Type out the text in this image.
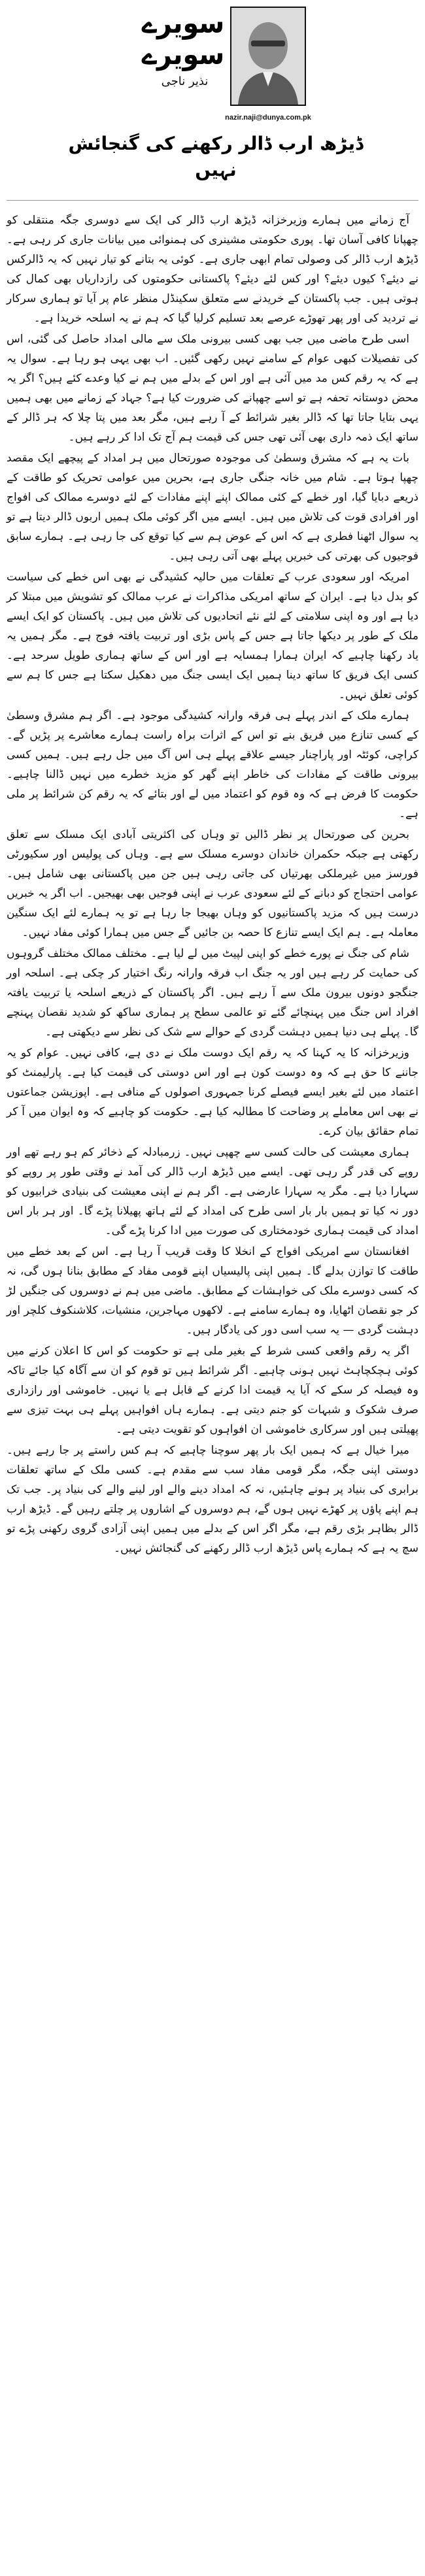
سویرے
سویرے
نذیر ناجی
nazir.naji@dunya.com.pk
ڈیڑھ ارب ڈالر رکھنے کی گنجائش نہیں

آج زمانے میں ہمارے وزیرخزانہ ڈیڑھ ارب ڈالر کی ایک سے دوسری جگہ منتقلی کو چھپانا کافی آسان تھا۔ پوری حکومتی مشینری کی ہمنوائی میں بیانات جاری کر رہی ہے۔ ڈیڑھ ارب ڈالر کی وصولی تمام ابھی جاری ہے۔ کوئی یہ بتانے کو تیار نہیں کہ یہ ڈالرکس نے دیئے؟ کیوں دیئے؟ اور کس لئے دیئے؟ پاکستانی حکومتوں کی رازداریاں بھی کمال کی ہوتی ہیں۔ جب پاکستان کے خریدنے سے متعلق سکینڈل منظر عام پر آیا تو ہماری سرکار نے تردید کی اور پھر تھوڑے عرصے بعد تسلیم کرلیا گیا کہ ہم نے یہ اسلحہ خریدا ہے۔

اسی طرح ماضی میں جب بھی کسی بیرونی ملک سے مالی امداد حاصل کی گئی، اس کی تفصیلات کبھی عوام کے سامنے نہیں رکھی گئیں۔ اب بھی یہی ہو رہا ہے۔ سوال یہ ہے کہ یہ رقم کس مد میں آئی ہے اور اس کے بدلے میں ہم نے کیا وعدے کئے ہیں؟ اگر یہ محض دوستانہ تحفہ ہے تو اسے چھپانے کی ضرورت کیا ہے؟ جہاد کے زمانے میں بھی ہمیں یہی بتایا جاتا تھا کہ ڈالر بغیر شرائط کے آ رہے ہیں، مگر بعد میں پتا چلا کہ ہر ڈالر کے ساتھ ایک ذمہ داری بھی آئی تھی جس کی قیمت ہم آج تک ادا کر رہے ہیں۔

بات یہ ہے کہ مشرق وسطیٰ کی موجودہ صورتحال میں ہر امداد کے پیچھے ایک مقصد چھپا ہوتا ہے۔ شام میں خانہ جنگی جاری ہے، بحرین میں عوامی تحریک کو طاقت کے ذریعے دبایا گیا، اور خطے کے کئی ممالک اپنے اپنے مفادات کے لئے دوسرے ممالک کی افواج اور افرادی قوت کی تلاش میں ہیں۔ ایسے میں اگر کوئی ملک ہمیں اربوں ڈالر دیتا ہے تو یہ سوال اٹھنا فطری ہے کہ اس کے عوض ہم سے کیا توقع کی جا رہی ہے۔ ہمارے سابق فوجیوں کی بھرتی کی خبریں پہلے بھی آتی رہی ہیں۔

امریکہ اور سعودی عرب کے تعلقات میں حالیہ کشیدگی نے بھی اس خطے کی سیاست کو بدل دیا ہے۔ ایران کے ساتھ امریکی مذاکرات نے عرب ممالک کو تشویش میں مبتلا کر دیا ہے اور وہ اپنی سلامتی کے لئے نئے اتحادیوں کی تلاش میں ہیں۔ پاکستان کو ایک ایسے ملک کے طور پر دیکھا جاتا ہے جس کے پاس بڑی اور تربیت یافتہ فوج ہے۔ مگر ہمیں یہ یاد رکھنا چاہیے کہ ایران ہمارا ہمسایہ ہے اور اس کے ساتھ ہماری طویل سرحد ہے۔ کسی ایک فریق کا ساتھ دینا ہمیں ایک ایسی جنگ میں دھکیل سکتا ہے جس کا ہم سے کوئی تعلق نہیں۔

ہمارے ملک کے اندر پہلے ہی فرقہ وارانہ کشیدگی موجود ہے۔ اگر ہم مشرق وسطیٰ کے کسی تنازع میں فریق بنے تو اس کے اثرات براہ راست ہمارے معاشرے پر پڑیں گے۔ کراچی، کوئٹہ اور پاراچنار جیسے علاقے پہلے ہی اس آگ میں جل رہے ہیں۔ ہمیں کسی بیرونی طاقت کے مفادات کی خاطر اپنے گھر کو مزید خطرے میں نہیں ڈالنا چاہیے۔ حکومت کا فرض ہے کہ وہ قوم کو اعتماد میں لے اور بتائے کہ یہ رقم کن شرائط پر ملی ہے۔

بحرین کی صورتحال پر نظر ڈالیں تو وہاں کی اکثریتی آبادی ایک مسلک سے تعلق رکھتی ہے جبکہ حکمران خاندان دوسرے مسلک سے ہے۔ وہاں کی پولیس اور سکیورٹی فورسز میں غیرملکی بھرتیاں کی جاتی رہی ہیں جن میں پاکستانی بھی شامل ہیں۔ عوامی احتجاج کو دبانے کے لئے سعودی عرب نے اپنی فوجیں بھی بھیجیں۔ اب اگر یہ خبریں درست ہیں کہ مزید پاکستانیوں کو وہاں بھیجا جا رہا ہے تو یہ ہمارے لئے ایک سنگین معاملہ ہے۔ ہم ایک ایسے تنازع کا حصہ بن جائیں گے جس میں ہمارا کوئی مفاد نہیں۔

شام کی جنگ نے پورے خطے کو اپنی لپیٹ میں لے لیا ہے۔ مختلف ممالک مختلف گروہوں کی حمایت کر رہے ہیں اور یہ جنگ اب فرقہ وارانہ رنگ اختیار کر چکی ہے۔ اسلحہ اور جنگجو دونوں بیرون ملک سے آ رہے ہیں۔ اگر پاکستان کے ذریعے اسلحہ یا تربیت یافتہ افراد اس جنگ میں پہنچائے گئے تو عالمی سطح پر ہماری ساکھ کو شدید نقصان پہنچے گا۔ پہلے ہی دنیا ہمیں دہشت گردی کے حوالے سے شک کی نظر سے دیکھتی ہے۔

وزیرخزانہ کا یہ کہنا کہ یہ رقم ایک دوست ملک نے دی ہے، کافی نہیں۔ عوام کو یہ جاننے کا حق ہے کہ وہ دوست کون ہے اور اس دوستی کی قیمت کیا ہے۔ پارلیمنٹ کو اعتماد میں لئے بغیر ایسے فیصلے کرنا جمہوری اصولوں کے منافی ہے۔ اپوزیشن جماعتوں نے بھی اس معاملے پر وضاحت کا مطالبہ کیا ہے۔ حکومت کو چاہیے کہ وہ ایوان میں آ کر تمام حقائق بیان کرے۔

ہماری معیشت کی حالت کسی سے چھپی نہیں۔ زرمبادلہ کے ذخائر کم ہو رہے تھے اور روپے کی قدر گر رہی تھی۔ ایسے میں ڈیڑھ ارب ڈالر کی آمد نے وقتی طور پر روپے کو سہارا دیا ہے۔ مگر یہ سہارا عارضی ہے۔ اگر ہم نے اپنی معیشت کی بنیادی خرابیوں کو دور نہ کیا تو ہمیں بار بار اسی طرح کی امداد کے لئے ہاتھ پھیلانا پڑے گا۔ اور ہر بار اس امداد کی قیمت ہماری خودمختاری کی صورت میں ادا کرنا پڑے گی۔

افغانستان سے امریکی افواج کے انخلا کا وقت قریب آ رہا ہے۔ اس کے بعد خطے میں طاقت کا توازن بدلے گا۔ ہمیں اپنی پالیسیاں اپنے قومی مفاد کے مطابق بنانا ہوں گی، نہ کہ کسی دوسرے ملک کی خواہشات کے مطابق۔ ماضی میں ہم نے دوسروں کی جنگیں لڑ کر جو نقصان اٹھایا، وہ ہمارے سامنے ہے۔ لاکھوں مہاجرین، منشیات، کلاشنکوف کلچر اور دہشت گردی — یہ سب اسی دور کی یادگار ہیں۔

اگر یہ رقم واقعی کسی شرط کے بغیر ملی ہے تو حکومت کو اس کا اعلان کرنے میں کوئی ہچکچاہٹ نہیں ہونی چاہیے۔ اگر شرائط ہیں تو قوم کو ان سے آگاہ کیا جائے تاکہ وہ فیصلہ کر سکے کہ آیا یہ قیمت ادا کرنے کے قابل ہے یا نہیں۔ خاموشی اور رازداری صرف شکوک و شبہات کو جنم دیتی ہے۔ ہمارے ہاں افواہیں پہلے ہی بہت تیزی سے پھیلتی ہیں اور سرکاری خاموشی ان افواہوں کو تقویت دیتی ہے۔

میرا خیال ہے کہ ہمیں ایک بار پھر سوچنا چاہیے کہ ہم کس راستے پر جا رہے ہیں۔ دوستی اپنی جگہ، مگر قومی مفاد سب سے مقدم ہے۔ کسی ملک کے ساتھ تعلقات برابری کی بنیاد پر ہونے چاہئیں، نہ کہ امداد دینے والے اور لینے والے کی بنیاد پر۔ جب تک ہم اپنے پاؤں پر کھڑے نہیں ہوں گے، ہم دوسروں کے اشاروں پر چلتے رہیں گے۔ ڈیڑھ ارب ڈالر بظاہر بڑی رقم ہے، مگر اگر اس کے بدلے میں ہمیں اپنی آزادی گروی رکھنی پڑے تو سچ یہ ہے کہ ہمارے پاس ڈیڑھ ارب ڈالر رکھنے کی گنجائش نہیں۔
